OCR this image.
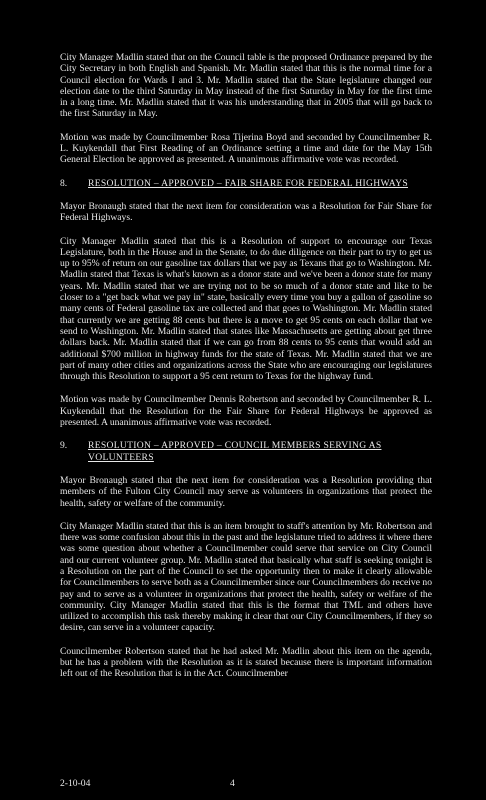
City Manager Madlin stated that on the Council table is the proposed Ordinance prepared by the City Secretary in both English and Spanish. Mr. Madlin stated that this is the normal time for a Council election for Wards I and 3. Mr. Madlin stated that the State legislature changed our election date to the third Saturday in May instead of the first Saturday in May for the first time in a long time. Mr. Madlin stated that it was his understanding that in 2005 that will go back to the first Saturday in May.

Motion was made by Councilmember Rosa Tijerina Boyd and seconded by Councilmember R. L. Kuykendall that First Reading of an Ordinance setting a time and date for the May 15th General Election be approved as presented. A unanimous affirmative vote was recorded.

8.	RESOLUTION – APPROVED – FAIR SHARE FOR FEDERAL HIGHWAYS

Mayor Bronaugh stated that the next item for consideration was a Resolution for Fair Share for Federal Highways.

City Manager Madlin stated that this is a Resolution of support to encourage our Texas Legislature, both in the House and in the Senate, to do due diligence on their part to try to get us up to 95% of return on our gasoline tax dollars that we pay as Texans that go to Washington. Mr. Madlin stated that Texas is what's known as a donor state and we've been a donor state for many years. Mr. Madlin stated that we are trying not to be so much of a donor state and like to be closer to a "get back what we pay in" state, basically every time you buy a gallon of gasoline so many cents of Federal gasoline tax are collected and that goes to Washington. Mr. Madlin stated that currently we are getting 88 cents but there is a move to get 95 cents on each dollar that we send to Washington. Mr. Madlin stated that states like Massachusetts are getting about get three dollars back. Mr. Madlin stated that if we can go from 88 cents to 95 cents that would add an additional $700 million in highway funds for the state of Texas. Mr. Madlin stated that we are part of many other cities and organizations across the State who are encouraging our legislatures through this Resolution to support a 95 cent return to Texas for the highway fund.

Motion was made by Councilmember Dennis Robertson and seconded by Councilmember R. L. Kuykendall that the Resolution for the Fair Share for Federal Highways be approved as presented. A unanimous affirmative vote was recorded.

9.	RESOLUTION – APPROVED – COUNCIL MEMBERS SERVING AS VOLUNTEERS

Mayor Bronaugh stated that the next item for consideration was a Resolution providing that members of the Fulton City Council may serve as volunteers in organizations that protect the health, safety or welfare of the community.

City Manager Madlin stated that this is an item brought to staff's attention by Mr. Robertson and there was some confusion about this in the past and the legislature tried to address it where there was some question about whether a Councilmember could serve that service on City Council and our current volunteer group. Mr. Madlin stated that basically what staff is seeking tonight is a Resolution on the part of the Council to set the opportunity then to make it clearly allowable for Councilmembers to serve both as a Councilmember since our Councilmembers do receive no pay and to serve as a volunteer in organizations that protect the health, safety or welfare of the community. City Manager Madlin stated that this is the format that TML and others have utilized to accomplish this task thereby making it clear that our City Councilmembers, if they so desire, can serve in a volunteer capacity.

Councilmember Robertson stated that he had asked Mr. Madlin about this item on the agenda, but he has a problem with the Resolution as it is stated because there is important information left out of the Resolution that is in the Act. Councilmember

2-10-04	4
